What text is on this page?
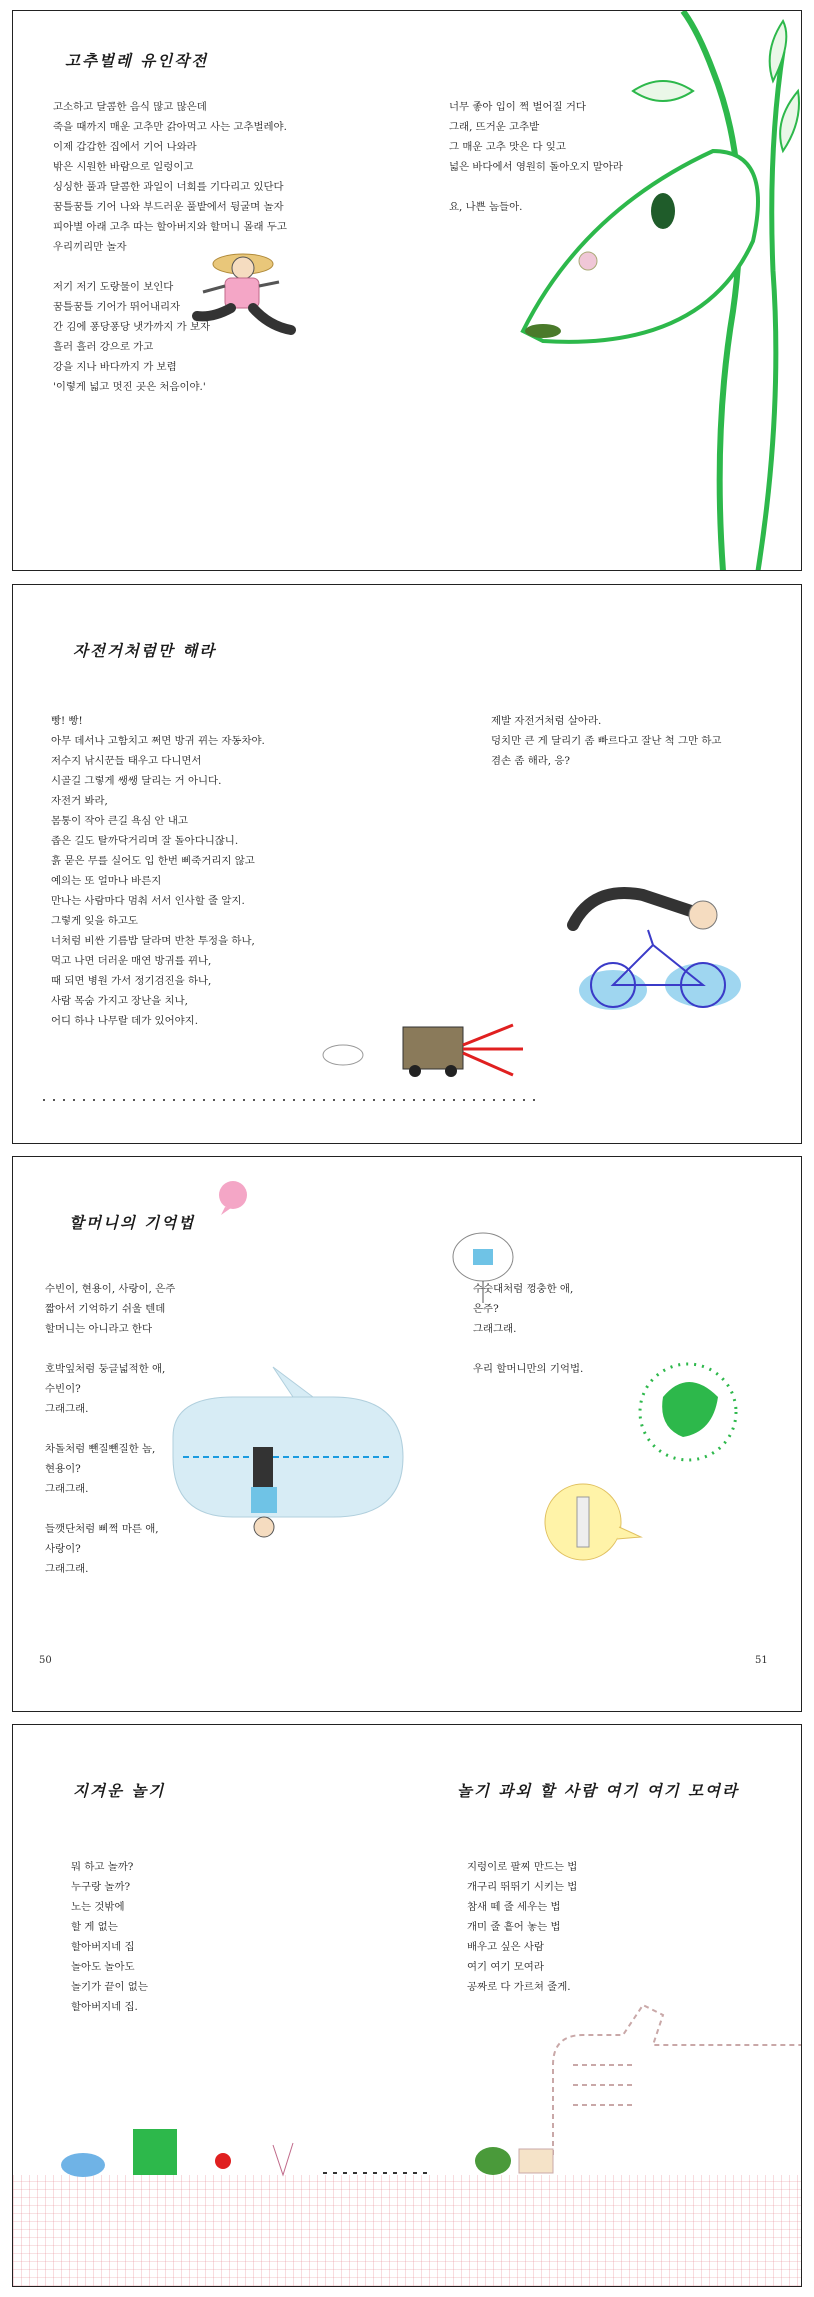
고추벌레 유인작전
고소하고 달콤한 음식 많고 많은데
죽을 때까지 매운 고추만 갉아먹고 사는 고추벌레야.
이제 갑갑한 집에서 기어 나와라
밖은 시원한 바람으로 일렁이고
싱싱한 풀과 달콤한 과일이 너희를 기다리고 있단다
꿈틀꿈틀 기어 나와 부드러운 풀밭에서 뒹굴며 놀자
피아별 아래 고추 따는 할아버지와 할머니 몰래 두고
우리끼리만 놀자
저기 저기 도랑물이 보인다
꿈틀꿈틀 기어가 뛰어내리자
간 김에 퐁당퐁당 냇가까지 가 보자
흘러 흘러 강으로 가고
강을 지나 바다까지 가 보렴
'이렇게 넓고 멋진 곳은 처음이야.'
너무 좋아 입이 쩍 벌어질 거다
그래, 뜨거운 고추밭
그 매운 고추 맛은 다 잊고
넓은 바다에서 영원히 돌아오지 말아라
요, 나쁜 놈들아.
자전거처럼만 해라
빵! 빵!
아무 데서나 고함치고 쩌면 방귀 뀌는 자동차야.
저수지 낚시꾼들 태우고 다니면서
시골길 그렇게 쌩쌩 달리는 거 아니다.
자전거 봐라,
몸통이 작아 큰길 욕심 안 내고
좁은 길도 탈까닥거리며 잘 돌아다니잖니.
흙 묻은 무를 실어도 입 한번 삐죽거리지 않고
예의는 또 얼마나 바른지
만나는 사람마다 멈춰 서서 인사할 줄 알지.
그렇게 잊을 하고도
너처럼 비싼 기름밥 달라며 반찬 투정을 하나,
먹고 나면 더러운 매연 방귀를 뀌나,
때 되면 병원 가서 정기검진을 하나,
사람 목숨 가지고 장난을 치나,
어디 하나 나무랄 데가 있어야지.
제발 자전거처럼 살아라.
덩치만 큰 게 달리기 좀 빠르다고 잘난 척 그만 하고
겸손 좀 해라, 응?
할머니의 기억법
수빈이, 현용이, 사랑이, 은주
짧아서 기억하기 쉬울 텐데
할머니는 아니라고 한다
호박잎처럼 둥글넓적한 애,
수빈이?
그래그래.
차돌처럼 뺀질뺀질한 놈,
현용이?
그래그래.
들깻단처럼 삐쩍 마른 애,
사랑이?
그래그래.
수숫대처럼 껑충한 애,
은주?
그래그래.
우리 할머니만의 기억법.
50	51
지겨운 놀기	놀기 과외 할 사람 여기 여기 모여라
뭐 하고 놀까?
누구랑 놀까?
노는 것밖에
할 게 없는
할아버지네 집
놀아도 놀아도
놀기가 끝이 없는
할아버지네 집.
지렁이로 팔찌 만드는 법
개구리 뛰뛰기 시키는 법
참새 떼 줄 세우는 법
개미 줄 흩어 놓는 법
배우고 싶은 사람
여기 여기 모여라
공짜로 다 가르쳐 줄게.
